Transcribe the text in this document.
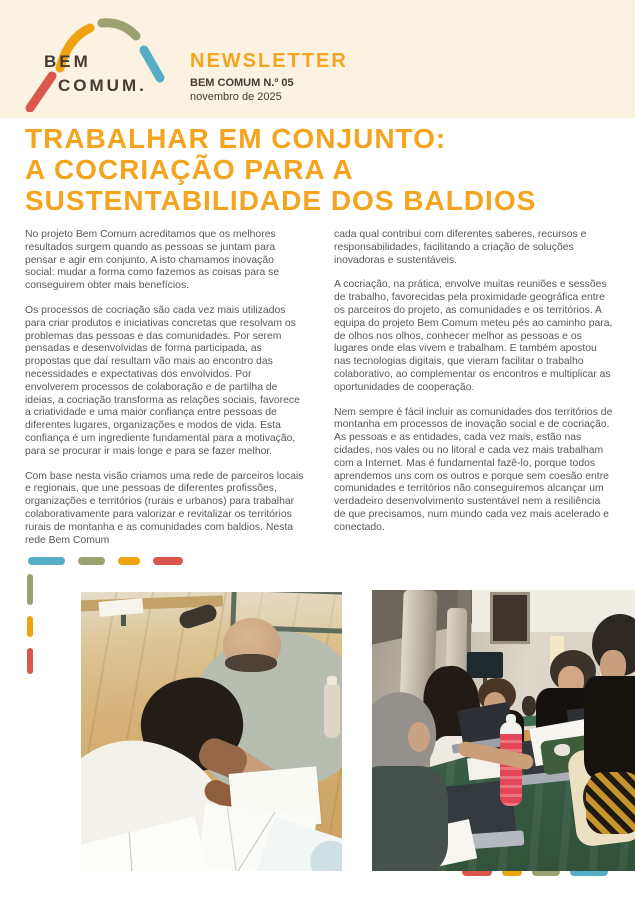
BEM
COMUM.
NEWSLETTER
BEM COMUM N.º 05
novembro de 2025
TRABALHAR EM CONJUNTO:
A COCRIAÇÃO PARA A
SUSTENTABILIDADE DOS BALDIOS

No projeto Bem Comum acreditamos que os melhores resultados surgem quando as pessoas se juntam para pensar e agir em conjunto. A isto chamamos inovação social: mudar a forma como fazemos as coisas para se conseguirem obter mais benefícios.

Os processos de cocriação são cada vez mais utilizados para criar produtos e iniciativas concretas que resolvam os problemas das pessoas e das comunidades. Por serem pensadas e desenvolvidas de forma participada, as propostas que daí resultam vão mais ao encontro das necessidades e expectativas dos envolvidos. Por envolverem processos de colaboração e de partilha de ideias, a cocriação transforma as relações sociais, favorece a criatividade e uma maior confiança entre pessoas de diferentes lugares, organizações e modos de vida. Esta confiança é um ingrediente fundamental para a motivação, para se procurar ir mais longe e para se fazer melhor.

Com base nesta visão criamos uma rede de parceiros locais e regionais, que une pessoas de diferentes profissões, organizações e territórios (rurais e urbanos) para trabalhar colaborativamente para valorizar e revitalizar os territórios rurais de montanha e as comunidades com baldios. Nesta rede Bem Comum

cada qual contribui com diferentes saberes, recursos e responsabilidades, facilitando a criação de soluções inovadoras e sustentáveis.

A cocriação, na prática, envolve muitas reuniões e sessões de trabalho, favorecidas pela proximidade geográfica entre os parceiros do projeto, as comunidades e os territórios. A equipa do projeto Bem Comum meteu pés ao caminho para, de olhos nos olhos, conhecer melhor as pessoas e os lugares onde elas vivem e trabalham. E também apostou nas tecnologias digitais, que vieram facilitar o trabalho colaborativo, ao complementar os encontros e multiplicar as oportunidades de cooperação.

Nem sempre é fácil incluir as comunidades dos territórios de montanha em processos de inovação social e de cocriação. As pessoas e as entidades, cada vez mais, estão nas cidades, nos vales ou no litoral e cada vez mais trabalham com a Internet. Mas é fundamental fazê-lo, porque todos aprendemos uns com os outros e porque sem coesão entre comunidades e territórios não conseguiremos alcançar um verdadeiro desenvolvimento sustentável nem a resiliência de que precisamos, num mundo cada vez mais acelerado e conectado.
